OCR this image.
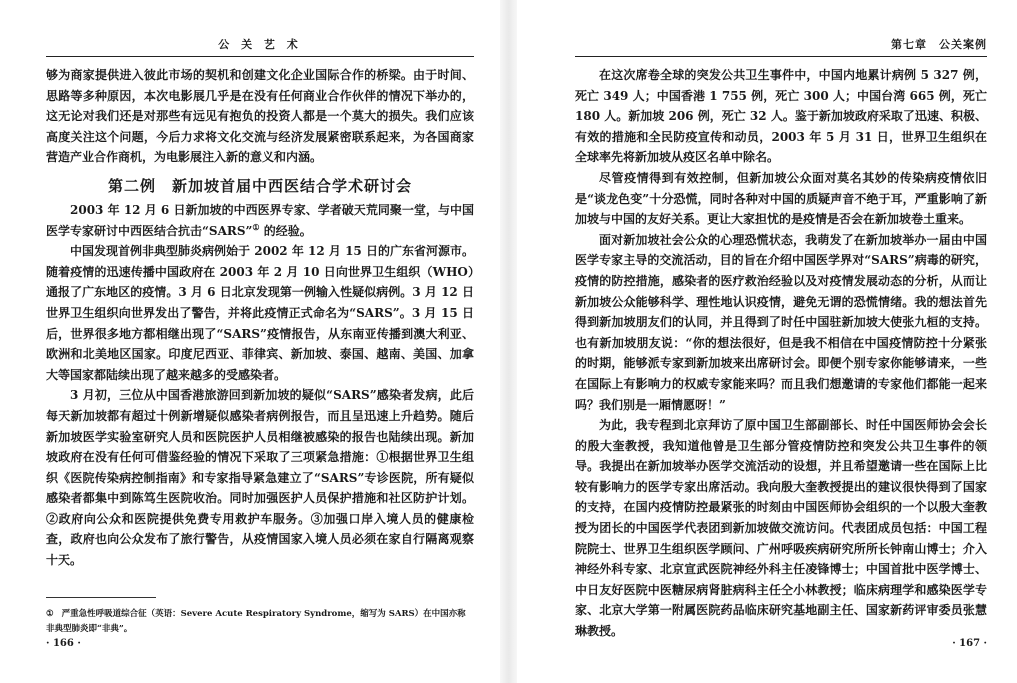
公 关 艺 术

够为商家提供进入彼此市场的契机和创建文化企业国际合作的桥梁。由于时间、思路等多种原因，本次电影展几乎是在没有任何商业合作伙伴的情况下举办的，这无论对我们还是对那些有远见有抱负的投资人都是一个莫大的损失。我们应该高度关注这个问题，今后力求将文化交流与经济发展紧密联系起来，为各国商家营造产业合作商机，为电影展注入新的意义和内涵。

第二例　新加坡首届中西医结合学术研讨会

2003 年 12 月 6 日新加坡的中西医界专家、学者破天荒同聚一堂，与中国医学专家研讨中西医结合抗击“SARS”① 的经验。

中国发现首例非典型肺炎病例始于 2002 年 12 月 15 日的广东省河源市。随着疫情的迅速传播中国政府在 2003 年 2 月 10 日向世界卫生组织（WHO）通报了广东地区的疫情。3 月 6 日北京发现第一例输入性疑似病例。3 月 12 日世界卫生组织向世界发出了警告，并将此疫情正式命名为“SARS”。3 月 15 日后，世界很多地方都相继出现了“SARS”疫情报告，从东南亚传播到澳大利亚、欧洲和北美地区国家。印度尼西亚、菲律宾、新加坡、泰国、越南、美国、加拿大等国家都陆续出现了越来越多的受感染者。

3 月初，三位从中国香港旅游回到新加坡的疑似“SARS”感染者发病，此后每天新加坡都有超过十例新增疑似感染者病例报告，而且呈迅速上升趋势。随后新加坡医学实验室研究人员和医院医护人员相继被感染的报告也陆续出现。新加坡政府在没有任何可借鉴经验的情况下采取了三项紧急措施：①根据世界卫生组织《医院传染病控制指南》和专家指导紧急建立了“SARS”专诊医院，所有疑似感染者都集中到陈笃生医院收治。同时加强医护人员保护措施和社区防护计划。②政府向公众和医院提供免费专用救护车服务。③加强口岸入境人员的健康检查，政府也向公众发布了旅行警告，从疫情国家入境人员必须在家自行隔离观察十天。

① 严重急性呼吸道综合征（英语：Severe Acute Respiratory Syndrome，缩写为 SARS）在中国亦称非典型肺炎即“非典”。
· 166 ·
第七章　公关案例

在这次席卷全球的突发公共卫生事件中，中国内地累计病例 5 327 例，死亡 349 人；中国香港 1 755 例，死亡 300 人；中国台湾 665 例，死亡 180 人。新加坡 206 例，死亡 32 人。鉴于新加坡政府采取了迅速、积极、有效的措施和全民防疫宣传和动员，2003 年 5 月 31 日，世界卫生组织在全球率先将新加坡从疫区名单中除名。

尽管疫情得到有效控制，但新加坡公众面对莫名其妙的传染病疫情依旧是“谈龙色变”十分恐慌，同时各种对中国的质疑声音不绝于耳，严重影响了新加坡与中国的友好关系。更让大家担忧的是疫情是否会在新加坡卷土重来。

面对新加坡社会公众的心理恐慌状态，我萌发了在新加坡举办一届由中国医学专家主导的交流活动，目的旨在介绍中国医学界对“SARS”病毒的研究，疫情的防控措施，感染者的医疗救治经验以及对疫情发展动态的分析，从而让新加坡公众能够科学、理性地认识疫情，避免无谓的恐慌情绪。我的想法首先得到新加坡朋友们的认同，并且得到了时任中国驻新加坡大使张九桓的支持。也有新加坡朋友说：“你的想法很好，但是我不相信在中国疫情防控十分紧张的时期，能够派专家到新加坡来出席研讨会。即便个别专家你能够请来，一些在国际上有影响力的权威专家能来吗？而且我们想邀请的专家他们都能一起来吗？我们别是一厢情愿呀！”

为此，我专程到北京拜访了原中国卫生部副部长、时任中国医师协会会长的殷大奎教授，我知道他曾是卫生部分管疫情防控和突发公共卫生事件的领导。我提出在新加坡举办医学交流活动的设想，并且希望邀请一些在国际上比较有影响力的医学专家出席活动。我向殷大奎教授提出的建议很快得到了国家的支持，在国内疫情防控最紧张的时刻由中国医师协会组织的一个以殷大奎教授为团长的中国医学代表团到新加坡做交流访问。代表团成员包括：中国工程院院士、世界卫生组织医学顾问、广州呼吸疾病研究所所长钟南山博士；介入神经外科专家、北京宣武医院神经外科主任凌锋博士；中国首批中医学博士、中日友好医院中医糖尿病肾脏病科主任仝小林教授；临床病理学和感染医学专家、北京大学第一附属医院药品临床研究基地副主任、国家新药评审委员张慧琳教授。

· 167 ·
